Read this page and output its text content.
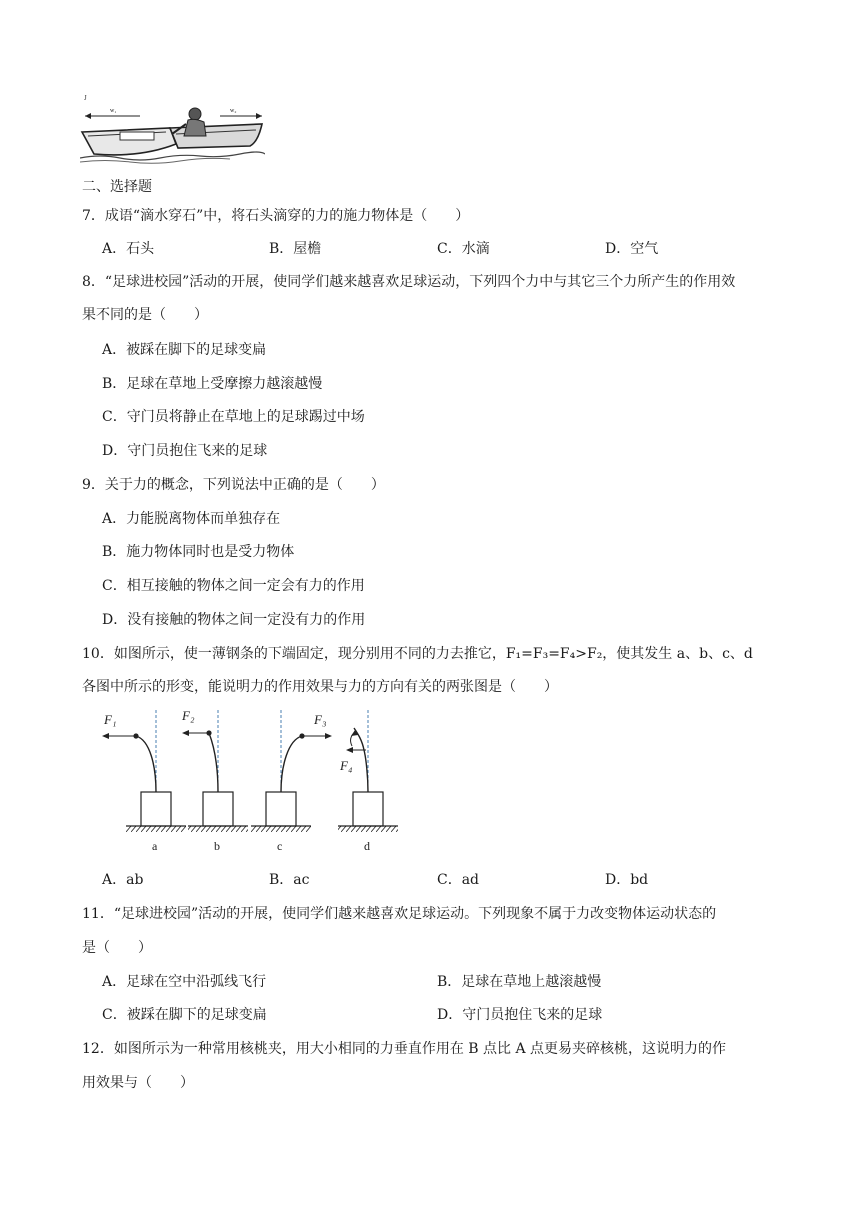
J
w₁	w₂
二、选择题
7．成语“滴水穿石”中，将石头滴穿的力的施力物体是（　　）
A．石头	B．屋檐	C．水滴	D．空气
8．“足球进校园”活动的开展，使同学们越来越喜欢足球运动，下列四个力中与其它三个力所产生的作用效
果不同的是（　　）
A．被踩在脚下的足球变扁
B．足球在草地上受摩擦力越滚越慢
C．守门员将静止在草地上的足球踢过中场
D．守门员抱住飞来的足球
9．关于力的概念，下列说法中正确的是（　　）
A．力能脱离物体而单独存在
B．施力物体同时也是受力物体
C．相互接触的物体之间一定会有力的作用
D．没有接触的物体之间一定没有力的作用
10．如图所示，使一薄钢条的下端固定，现分别用不同的力去推它，F₁=F₃=F₄>F₂，使其发生 a、b、c、d
各图中所示的形变，能说明力的作用效果与力的方向有关的两张图是（　　）
F₁
a
F₂
b
F₃
c
F₄
d
A．ab	B．ac	C．ad	D．bd
11．“足球进校园”活动的开展，使同学们越来越喜欢足球运动。下列现象不属于力改变物体运动状态的
是（　　）
A．足球在空中沿弧线飞行	B．足球在草地上越滚越慢
C．被踩在脚下的足球变扁	D．守门员抱住飞来的足球
12．如图所示为一种常用核桃夹，用大小相同的力垂直作用在 B 点比 A 点更易夹碎核桃，这说明力的作
用效果与（　　）
